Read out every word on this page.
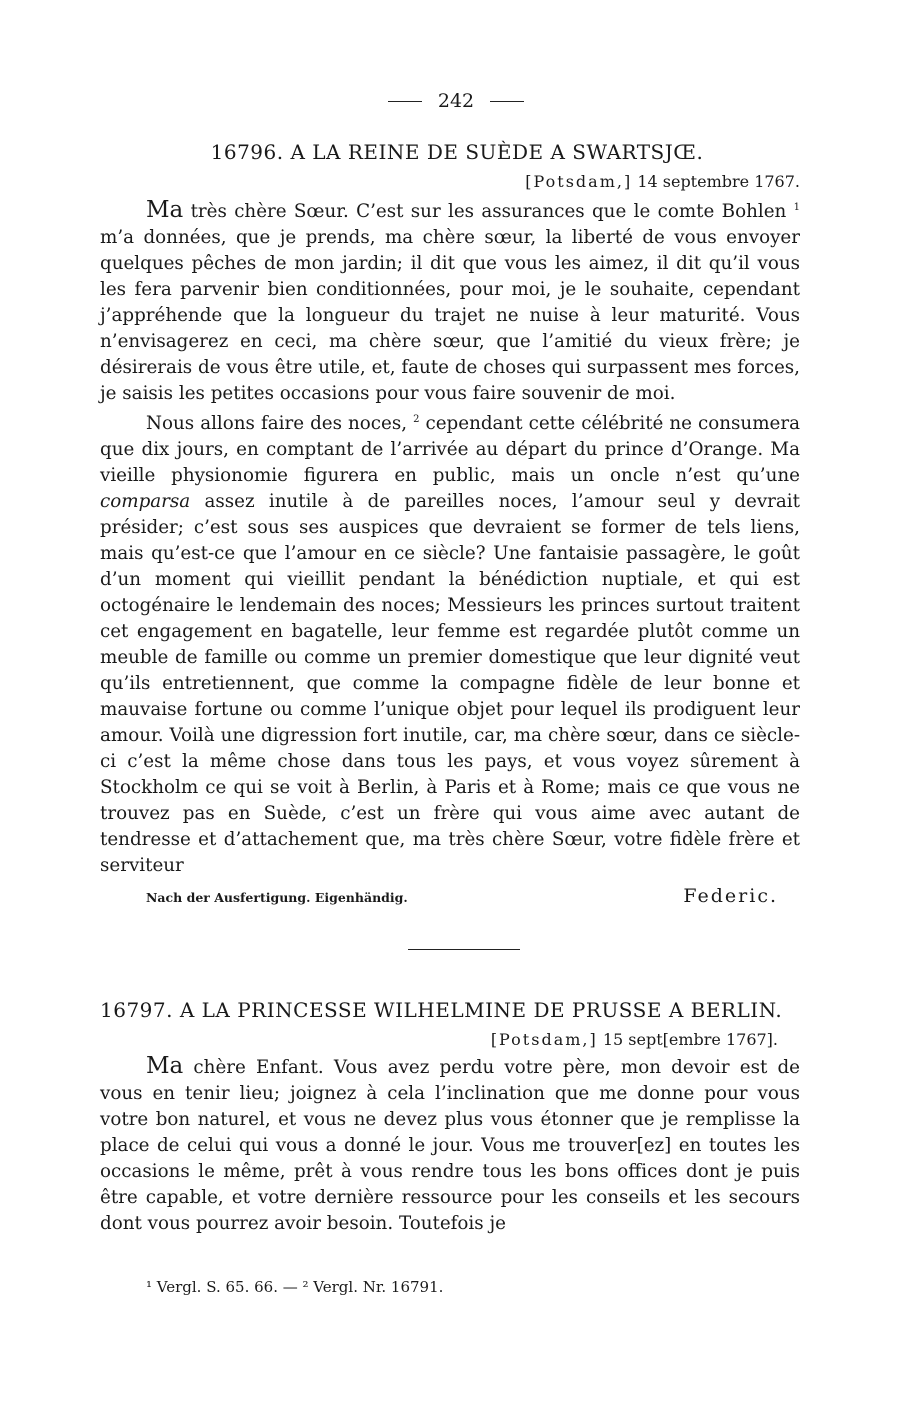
242
16796. A LA REINE DE SUÈDE A SWARTSJŒ.
[Potsdam,] 14 septembre 1767.

Ma très chère Sœur. C’est sur les assurances que le comte Bohlen $^1$ m’a données, que je prends, ma chère sœur, la liberté de vous envoyer quelques pêches de mon jardin; il dit que vous les aimez, il dit qu’il vous les fera parvenir bien conditionnées, pour moi, je le souhaite, cependant j’appréhende que la longueur du trajet ne nuise à leur maturité. Vous n’envisagerez en ceci, ma chère sœur, que l’amitié du vieux frère; je désirerais de vous être utile, et, faute de choses qui surpassent mes forces, je saisis les petites occasions pour vous faire souvenir de moi.

Nous allons faire des noces, $^2$ cependant cette célébrité ne consumera que dix jours, en comptant de l’arrivée au départ du prince d’Orange. Ma vieille physionomie figurera en public, mais un oncle n’est qu’une comparsa assez inutile à de pareilles noces, l’amour seul y devrait présider; c’est sous ses auspices que devraient se former de tels liens, mais qu’est-ce que l’amour en ce siècle? Une fantaisie passagère, le goût d’un moment qui vieillit pendant la bénédiction nuptiale, et qui est octogénaire le lendemain des noces; Messieurs les princes surtout traitent cet engagement en bagatelle, leur femme est regardée plutôt comme un meuble de famille ou comme un premier domestique que leur dignité veut qu’ils entretiennent, que comme la compagne fidèle de leur bonne et mauvaise fortune ou comme l’unique objet pour lequel ils prodiguent leur amour. Voilà une digression fort inutile, car, ma chère sœur, dans ce siècle-ci c’est la même chose dans tous les pays, et vous voyez sûrement à Stockholm ce qui se voit à Berlin, à Paris et à Rome; mais ce que vous ne trouvez pas en Suède, c’est un frère qui vous aime avec autant de tendresse et d’attachement que, ma très chère Sœur, votre fidèle frère et serviteur

Nach der Ausfertigung. Eigenhändig.	Federic.
16797. A LA PRINCESSE WILHELMINE DE PRUSSE A BERLIN.
[Potsdam,] 15 sept[embre 1767].

Ma chère Enfant. Vous avez perdu votre père, mon devoir est de vous en tenir lieu; joignez à cela l’inclination que me donne pour vous votre bon naturel, et vous ne devez plus vous étonner que je remplisse la place de celui qui vous a donné le jour. Vous me trouver[ez] en toutes les occasions le même, prêt à vous rendre tous les bons offices dont je puis être capable, et votre dernière ressource pour les conseils et les secours dont vous pourrez avoir besoin. Toutefois je

¹ Vergl. S. 65. 66. — ² Vergl. Nr. 16791.
